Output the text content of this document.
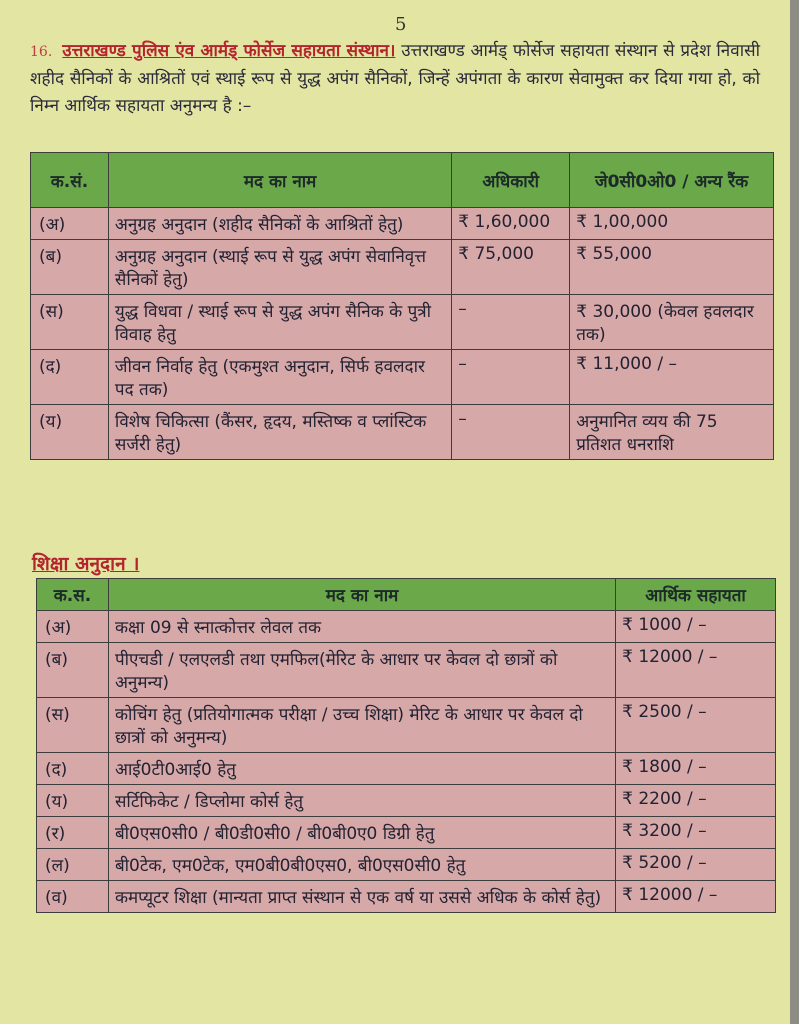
5
16. उत्तराखण्ड पुलिस एंव आर्मड् फोर्सेज सहायता संस्थान। उत्तराखण्ड आर्मड् फोर्सेज सहायता संस्थान से प्रदेश निवासी शहीद सैनिकों के आश्रितों एवं स्थाई रूप से युद्ध अपंग सैनिकों, जिन्हें अपंगता के कारण सेवामुक्त कर दिया गया हो, को निम्न आर्थिक सहायता अनुमन्य है :–
क.सं.	मद का नाम	अधिकारी	जे0सी0ओ0 / अन्य रैंक
(अ)	अनुग्रह अनुदान (शहीद सैनिकों के आश्रितों हेतु)	₹ 1,60,000	₹ 1,00,000
(ब)	अनुग्रह अनुदान (स्थाई रूप से युद्ध अपंग सेवानिवृत्त सैनिकों हेतु)	₹ 75,000	₹ 55,000
(स)	युद्ध विधवा / स्थाई रूप से युद्ध अपंग सैनिक के पुत्री विवाह हेतु	–	₹ 30,000 (केवल हवलदार तक)
(द)	जीवन निर्वाह हेतु (एकमुश्त अनुदान, सिर्फ हवलदार पद तक)	–	₹ 11,000 / –
(य)	विशेष चिकित्सा (कैंसर, हृदय, मस्तिष्क व प्लांस्टिक सर्जरी हेतु)	–	अनुमानित व्यय की 75 प्रतिशत धनराशि
शिक्षा अनुदान ।
क.स.	मद का नाम	आर्थिक सहायता
(अ)	कक्षा 09 से स्नात्कोत्तर लेवल तक	₹ 1000 / –
(ब)	पीएचडी / एलएलडी तथा एमफिल(मेरिट के आधार पर केवल दो छात्रों को अनुमन्य)	₹ 12000 / –
(स)	कोचिंग हेतु (प्रतियोगात्मक परीक्षा / उच्च शिक्षा) मेरिट के आधार पर केवल दो छात्रों को अनुमन्य)	₹ 2500 / –
(द)	आई0टी0आई0 हेतु	₹ 1800 / –
(य)	सर्टिफिकेट / डिप्लोमा कोर्स हेतु	₹ 2200 / –
(र)	बी0एस0सी0 / बी0डी0सी0 / बी0बी0ए0 डिग्री हेतु	₹ 3200 / –
(ल)	बी0टेक, एम0टेक, एम0बी0बी0एस0, बी0एस0सी0 हेतु	₹ 5200 / –
(व)	कमप्यूटर शिक्षा (मान्यता प्राप्त संस्थान से एक वर्ष या उससे अधिक के कोर्स हेतु)	₹ 12000 / –
